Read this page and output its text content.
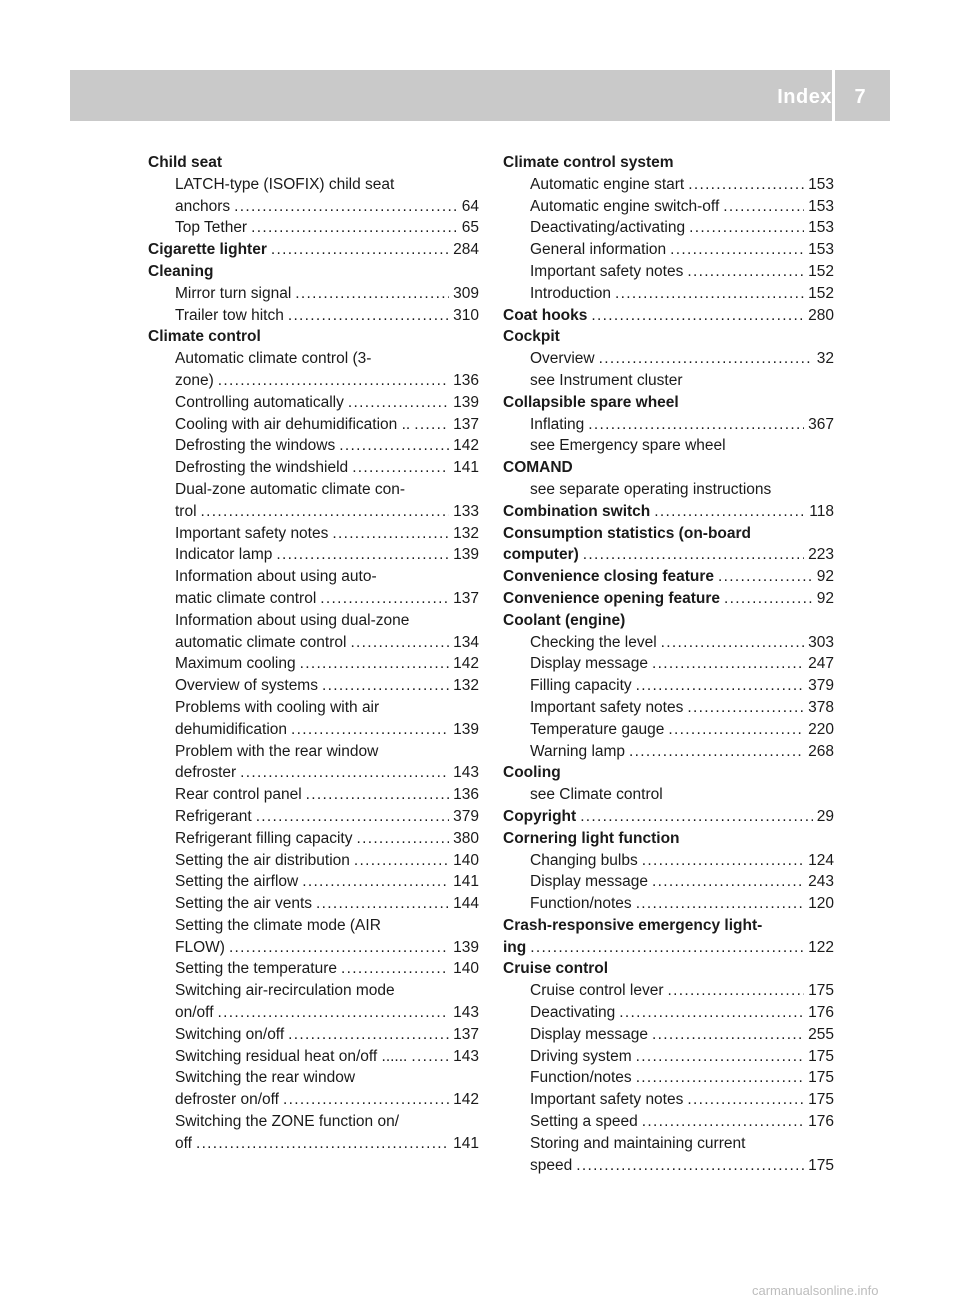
Index	7
Child seat
LATCH-type (ISOFIX) child seat
anchors . . .	64
Top Tether . . .	65
Cigarette lighter . . .	284
Cleaning
Mirror turn signal . . .	309
Trailer tow hitch . . .	310
Climate control
Automatic climate control (3-
zone) . . .	136
Controlling automatically . . .	139
Cooling with air dehumidification .. . . .	137
Defrosting the windows . . .	142
Defrosting the windshield . . .	141
Dual-zone automatic climate con-
trol . . .	133
Important safety notes . . .	132
Indicator lamp . . .	139
Information about using auto-
matic climate control . . .	137
Information about using dual-zone
automatic climate control . . .	134
Maximum cooling . . .	142
Overview of systems . . .	132
Problems with cooling with air
dehumidification . . .	139
Problem with the rear window
defroster . . .	143
Rear control panel . . .	136
Refrigerant . . .	379
Refrigerant filling capacity . . .	380
Setting the air distribution . . .	140
Setting the airflow . . .	141
Setting the air vents . . .	144
Setting the climate mode (AIR
FLOW) . . .	139
Setting the temperature . . .	140
Switching air-recirculation mode
on/off . . .	143
Switching on/off . . .	137
Switching residual heat on/off ...... . . .	143
Switching the rear window
defroster on/off . . .	142
Switching the ZONE function on/
off . . .	141
Climate control system
Automatic engine start . . .	153
Automatic engine switch-off . . .	153
Deactivating/activating . . .	153
General information . . .	153
Important safety notes . . .	152
Introduction . . .	152
Coat hooks . . .	280
Cockpit
Overview . . .	32
see Instrument cluster
Collapsible spare wheel
Inflating . . .	367
see Emergency spare wheel
COMAND
see separate operating instructions
Combination switch . . .	118
Consumption statistics (on-board
computer) . . .	223
Convenience closing feature . . .	92
Convenience opening feature . . .	92
Coolant (engine)
Checking the level . . .	303
Display message . . .	247
Filling capacity . . .	379
Important safety notes . . .	378
Temperature gauge . . .	220
Warning lamp . . .	268
Cooling
see Climate control
Copyright . . .	29
Cornering light function
Changing bulbs . . .	124
Display message . . .	243
Function/notes . . .	120
Crash-responsive emergency light-
ing . . .	122
Cruise control
Cruise control lever . . .	175
Deactivating . . .	176
Display message . . .	255
Driving system . . .	175
Function/notes . . .	175
Important safety notes . . .	175
Setting a speed . . .	176
Storing and maintaining current
speed . . .	175
carmanualsonline.info
